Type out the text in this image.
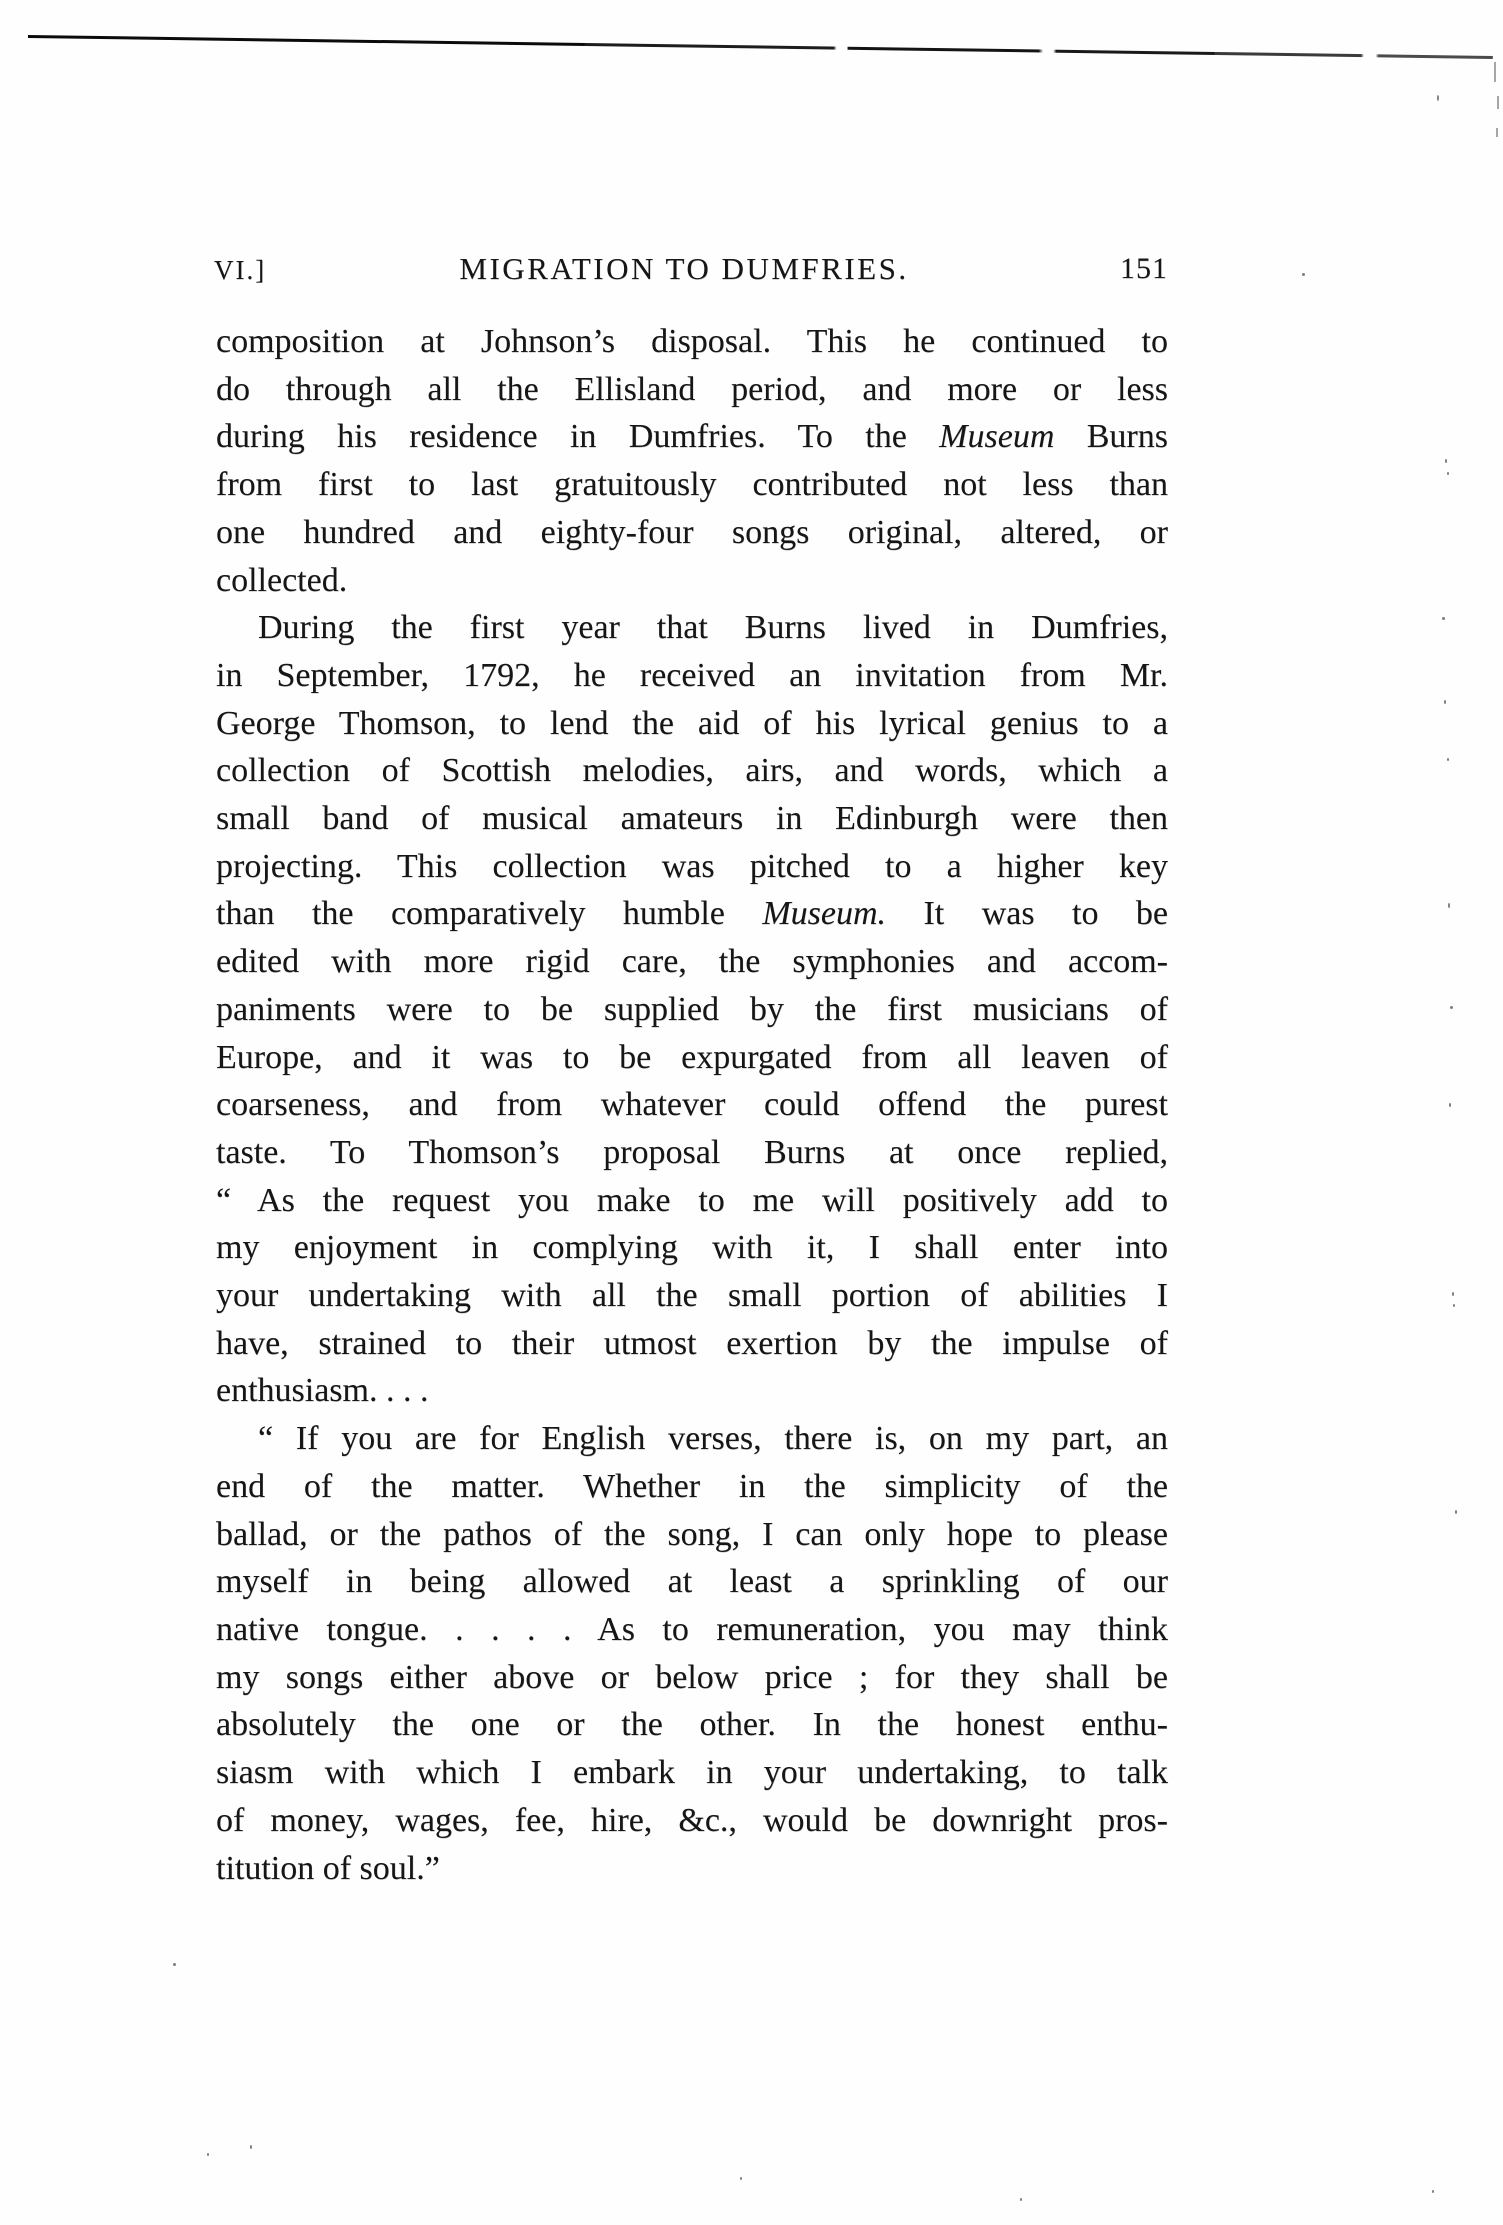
VI.]	MIGRATION TO DUMFRIES.	151
composition at Johnson’s disposal. This he continued to
do through all the Ellisland period, and more or less
during his residence in Dumfries. To the Museum Burns
from first to last gratuitously contributed not less than
one hundred and eighty-four songs original, altered, or
collected.
During the first year that Burns lived in Dumfries,
in September, 1792, he received an invitation from Mr.
George Thomson, to lend the aid of his lyrical genius to a
collection of Scottish melodies, airs, and words, which a
small band of musical amateurs in Edinburgh were then
projecting. This collection was pitched to a higher key
than the comparatively humble Museum. It was to be
edited with more rigid care, the symphonies and accom-
paniments were to be supplied by the first musicians of
Europe, and it was to be expurgated from all leaven of
coarseness, and from whatever could offend the purest
taste. To Thomson’s proposal Burns at once replied,
“ As the request you make to me will positively add to
my enjoyment in complying with it, I shall enter into
your undertaking with all the small portion of abilities I
have, strained to their utmost exertion by the impulse of
enthusiasm. . . .
“ If you are for English verses, there is, on my part, an
end of the matter. Whether in the simplicity of the
ballad, or the pathos of the song, I can only hope to please
myself in being allowed at least a sprinkling of our
native tongue. . . . . As to remuneration, you may think
my songs either above or below price ; for they shall be
absolutely the one or the other. In the honest enthu-
siasm with which I embark in your undertaking, to talk
of money, wages, fee, hire, &c., would be downright pros-
titution of soul.”
